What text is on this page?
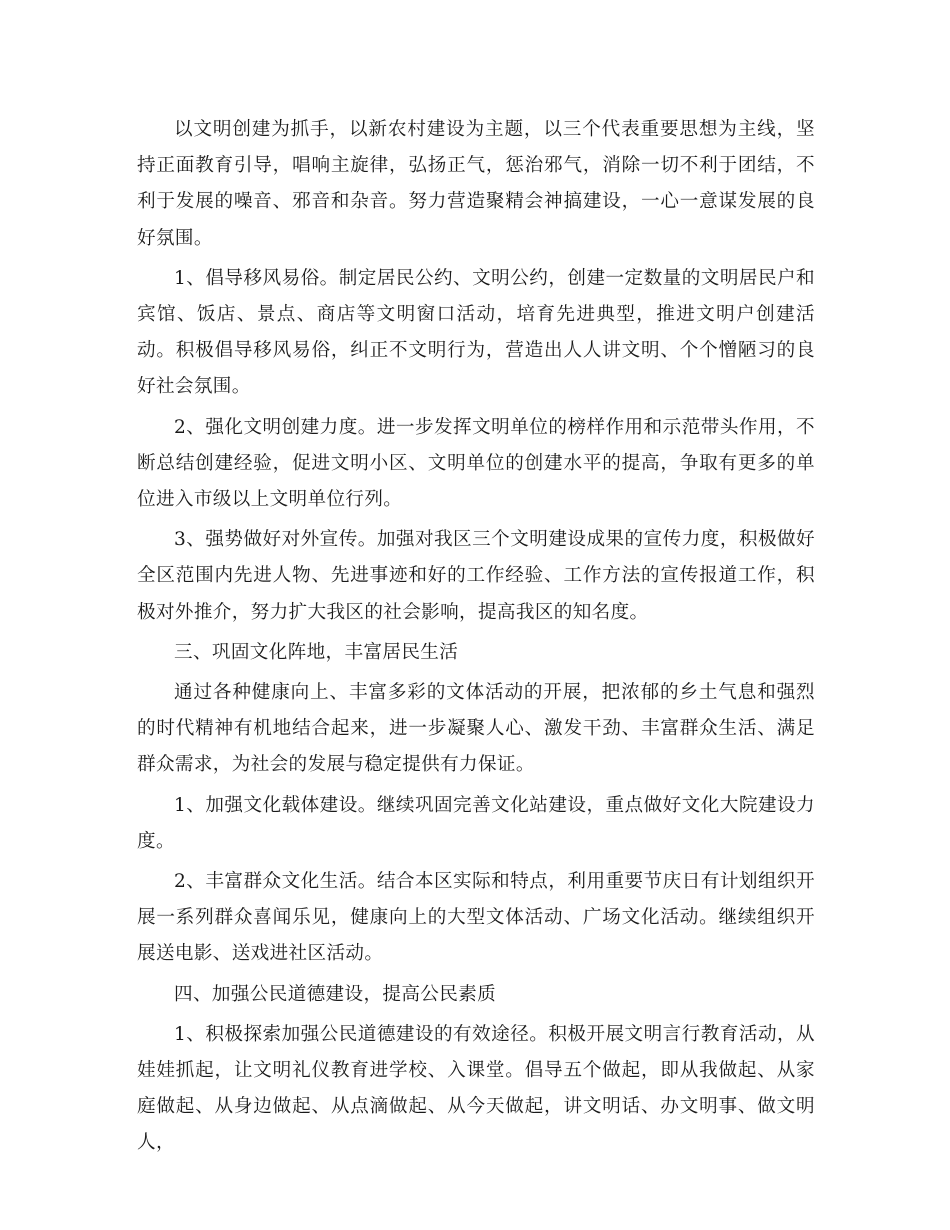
以文明创建为抓手，以新农村建设为主题，以三个代表重要思想为主线，坚持正面教育引导，唱响主旋律，弘扬正气，惩治邪气，消除一切不利于团结，不利于发展的噪音、邪音和杂音。努力营造聚精会神搞建设，一心一意谋发展的良好氛围。

1、倡导移风易俗。制定居民公约、文明公约，创建一定数量的文明居民户和宾馆、饭店、景点、商店等文明窗口活动，培育先进典型，推进文明户创建活动。积极倡导移风易俗，纠正不文明行为，营造出人人讲文明、个个憎陋习的良好社会氛围。

2、强化文明创建力度。进一步发挥文明单位的榜样作用和示范带头作用，不断总结创建经验，促进文明小区、文明单位的创建水平的提高，争取有更多的单位进入市级以上文明单位行列。

3、强势做好对外宣传。加强对我区三个文明建设成果的宣传力度，积极做好全区范围内先进人物、先进事迹和好的工作经验、工作方法的宣传报道工作，积极对外推介，努力扩大我区的社会影响，提高我区的知名度。

三、巩固文化阵地，丰富居民生活

通过各种健康向上、丰富多彩的文体活动的开展，把浓郁的乡土气息和强烈的时代精神有机地结合起来，进一步凝聚人心、激发干劲、丰富群众生活、满足群众需求，为社会的发展与稳定提供有力保证。

1、加强文化载体建设。继续巩固完善文化站建设，重点做好文化大院建设力度。

2、丰富群众文化生活。结合本区实际和特点，利用重要节庆日有计划组织开展一系列群众喜闻乐见，健康向上的大型文体活动、广场文化活动。继续组织开展送电影、送戏进社区活动。

四、加强公民道德建设，提高公民素质

1、积极探索加强公民道德建设的有效途径。积极开展文明言行教育活动，从娃娃抓起，让文明礼仪教育进学校、入课堂。倡导五个做起，即从我做起、从家庭做起、从身边做起、从点滴做起、从今天做起，讲文明话、办文明事、做文明人，
